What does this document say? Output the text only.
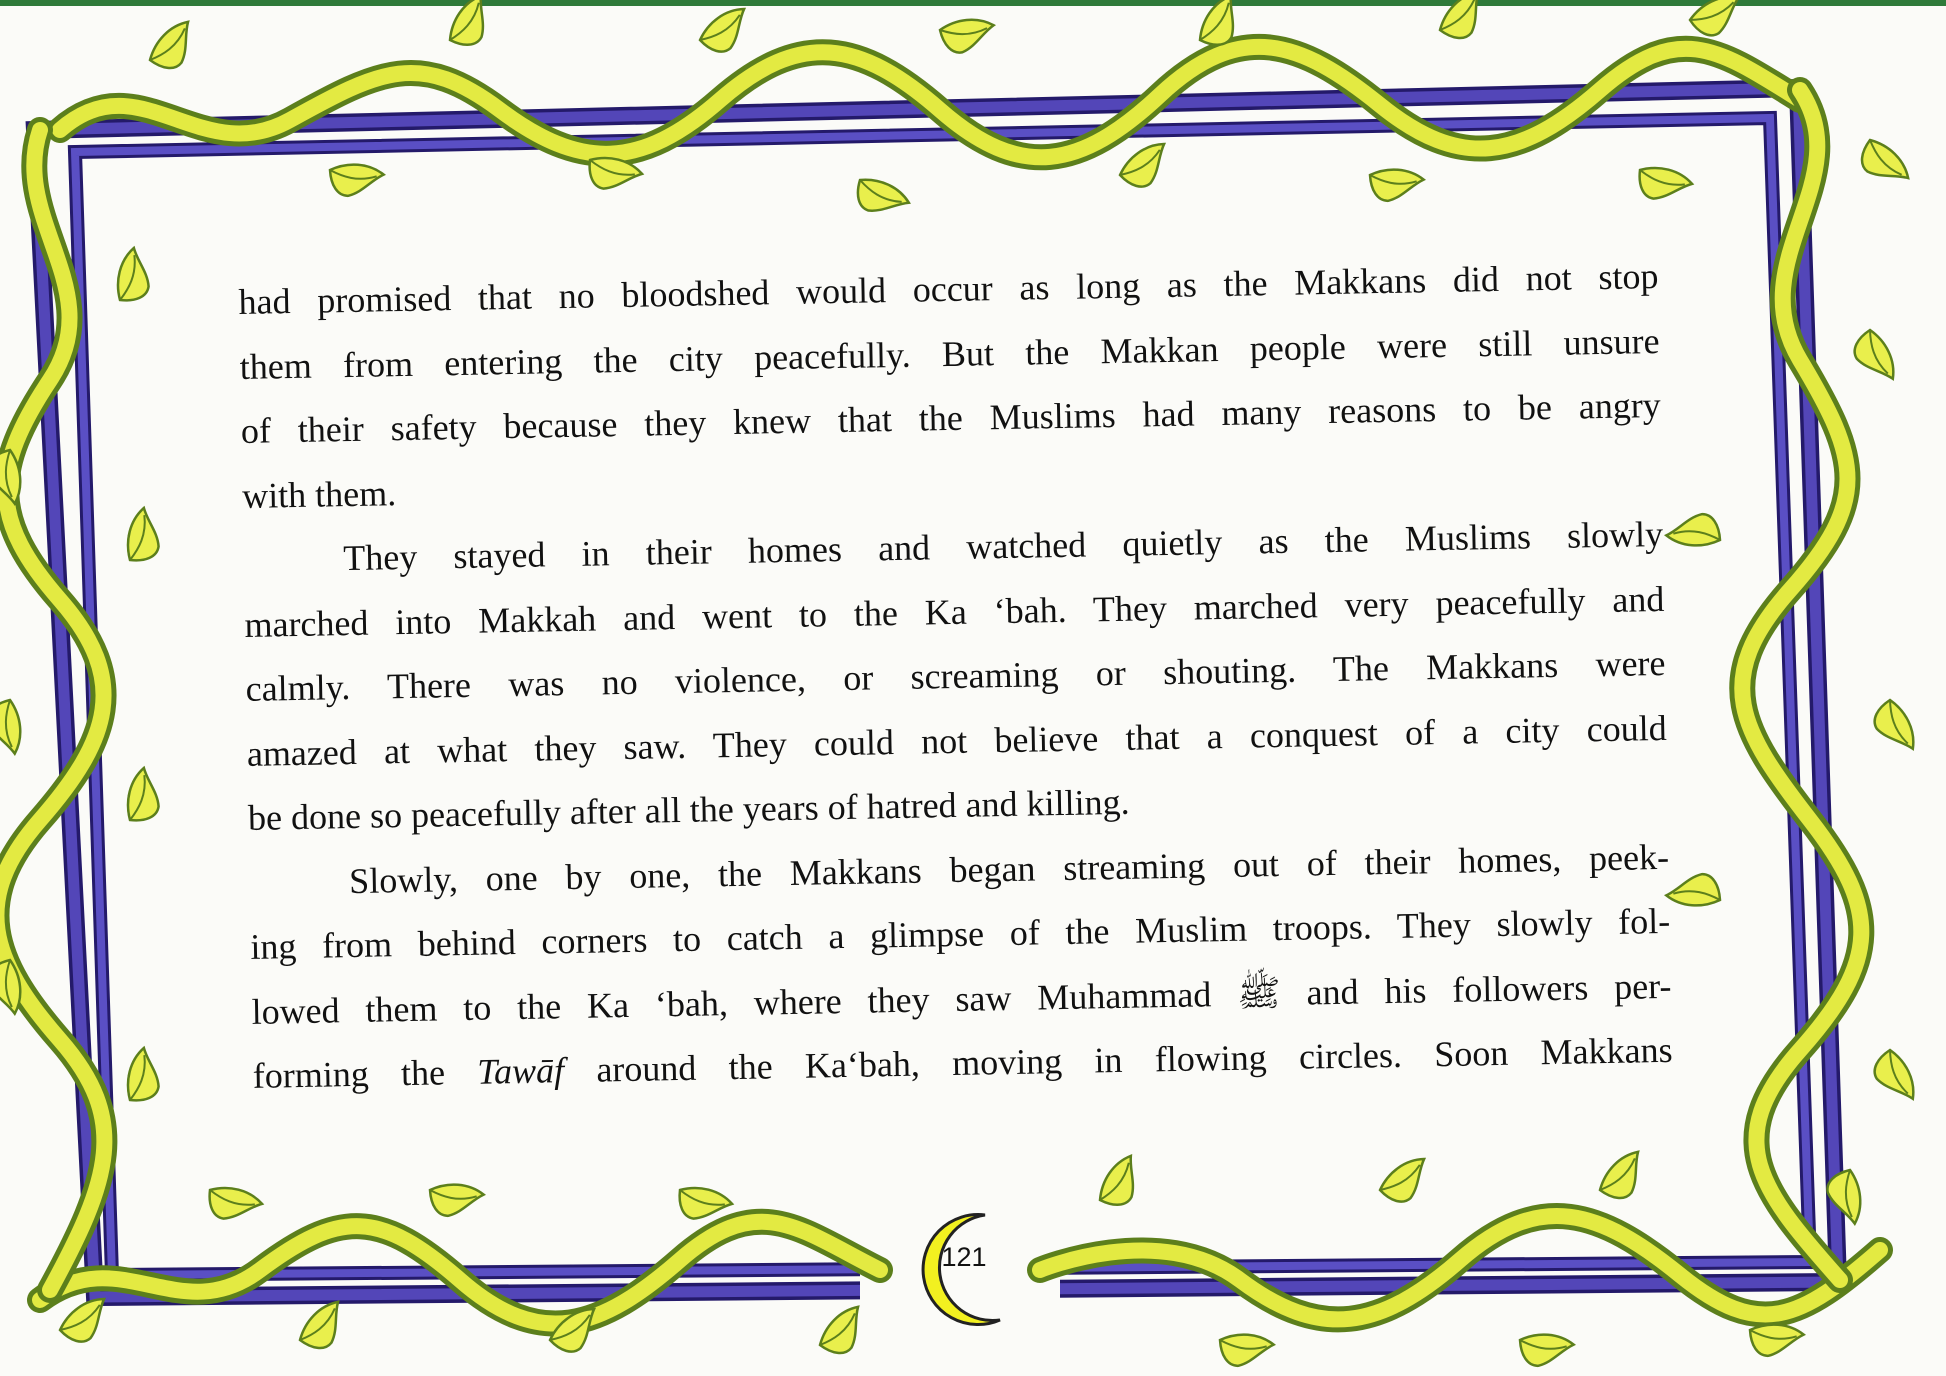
had promised that no bloodshed would occur as long as the Makkans did not stop
them from entering the city peacefully. But the Makkan people were still unsure
of their safety because they knew that the Muslims had many reasons to be angry
with them.

They stayed in their homes and watched quietly as the Muslims slowly
marched into Makkah and went to the Ka ‘bah. They marched very peacefully and
calmly. There was no violence, or screaming or shouting. The Makkans were
amazed at what they saw. They could not believe that a conquest of a city could
be done so peacefully after all the years of hatred and killing.

Slowly, one by one, the Makkans began streaming out of their homes, peek-
ing from behind corners to catch a glimpse of the Muslim troops. They slowly fol-
lowed them to the Ka ‘bah, where they saw Muhammad ﷺ and his followers per-
forming the Tawāf around the Ka‘bah, moving in flowing circles. Soon Makkans

121
